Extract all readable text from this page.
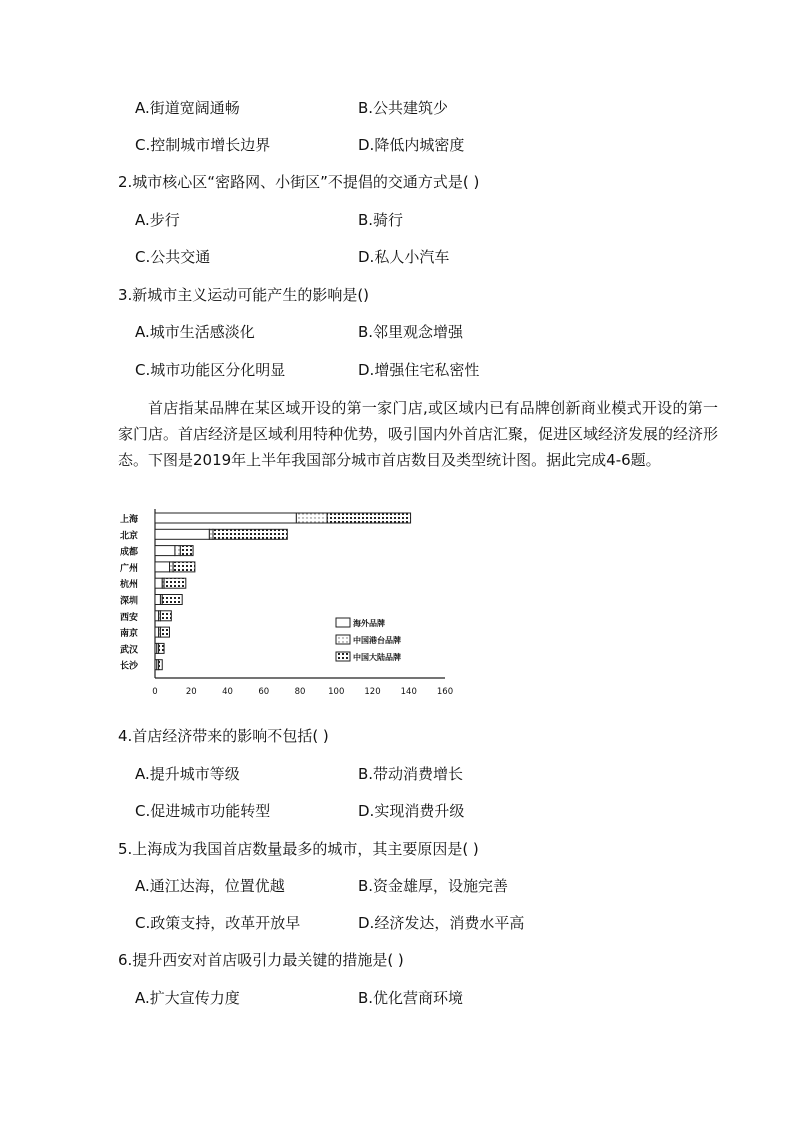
A.街道宽阔通畅	B.公共建筑少
C.控制城市增长边界	D.降低内城密度
2.城市核心区“密路网、小街区”不提倡的交通方式是( )
A.步行	B.骑行
C.公共交通	D.私人小汽车
3.新城市主义运动可能产生的影响是()
A.城市生活感淡化	B.邻里观念增强
C.城市功能区分化明显	D.增强住宅私密性

首店指某品牌在某区域开设的第一家门店,或区域内已有品牌创新商业模式开设的第一家门店。首店经济是区域利用特种优势，吸引国内外首店汇聚，促进区域经济发展的经济形态。下图是2019年上半年我国部分城市首店数目及类型统计图。据此完成4-6题。

上海
北京
成都
广州
杭州
深圳
西安
南京
武汉
长沙
0	20	40	60	80	100 120 140 160
海外品牌
中国港台品牌
中国大陆品牌
4.首店经济带来的影响不包括( )
A.提升城市等级	B.带动消费增长
C.促进城市功能转型	D.实现消费升级
5.上海成为我国首店数量最多的城市，其主要原因是( )
A.通江达海，位置优越	B.资金雄厚，设施完善
C.政策支持，改革开放早	D.经济发达，消费水平高
6.提升西安对首店吸引力最关键的措施是( )
A.扩大宣传力度	B.优化营商环境
